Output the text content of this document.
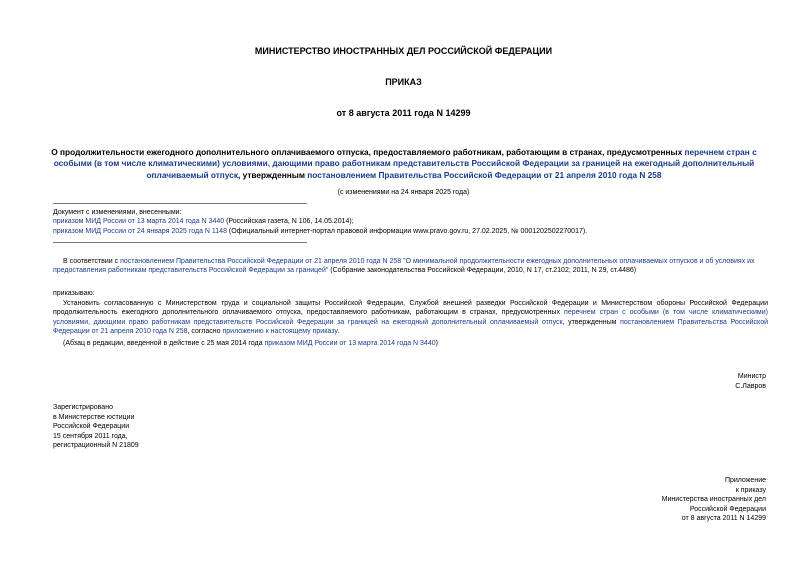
МИНИСТЕРСТВО ИНОСТРАННЫХ ДЕЛ РОССИЙСКОЙ ФЕДЕРАЦИИ
ПРИКАЗ
от 8 августа 2011 года N 14299
О продолжительности ежегодного дополнительного оплачиваемого отпуска, предоставляемого работникам, работающим в странах, предусмотренных перечнем стран с особыми (в том числе климатическими) условиями, дающими право работникам представительств Российской Федерации за границей на ежегодный дополнительный оплачиваемый отпуск, утвержденным постановлением Правительства Российской Федерации от 21 апреля 2010 года N 258
(с изменениями на 24 января 2025 года)
Документ с изменениями, внесенными:
приказом МИД России от 13 марта 2014 года N 3440 (Российская газета, N 106, 14.05.2014);
приказом МИД России от 24 января 2025 года N 1148 (Официальный интернет-портал правовой информации www.pravo.gov.ru, 27.02.2025, № 0001202502270017).
В соответствии с постановлением Правительства Российской Федерации от 21 апреля 2010 года N 258 "О минимальной продолжительности ежегодных дополнительных оплачиваемых отпусков и об условиях их предоставления работникам представительств Российской Федерации за границей" (Собрание законодательства Российской Федерации, 2010, N 17, ст.2102; 2011, N 29, ст.4486)
приказываю:
Установить согласованную с Министерством труда и социальной защиты Российской Федерации, Службой внешней разведки Российской Федерации и Министерством обороны Российской Федерации продолжительность ежегодного дополнительного оплачиваемого отпуска, предоставляемого работникам, работающим в странах, предусмотренных перечнем стран с особыми (в том числе климатическими) условиями, дающими право работникам представительств Российской Федерации за границей на ежегодный дополнительный оплачиваемый отпуск, утвержденным постановлением Правительства Российской Федерации от 21 апреля 2010 года N 258, согласно приложению к настоящему приказу.
(Абзац в редакции, введенной в действие с 25 мая 2014 года приказом МИД России от 13 марта 2014 года N 3440)
Министр
С.Лавров
Зарегистрировано
в Министерстве юстиции
Российской Федерации
15 сентября 2011 года,
регистрационный N 21809
Приложение
к приказу
Министерства иностранных дел
Российской Федерации
от 8 августа 2011 N 14299
